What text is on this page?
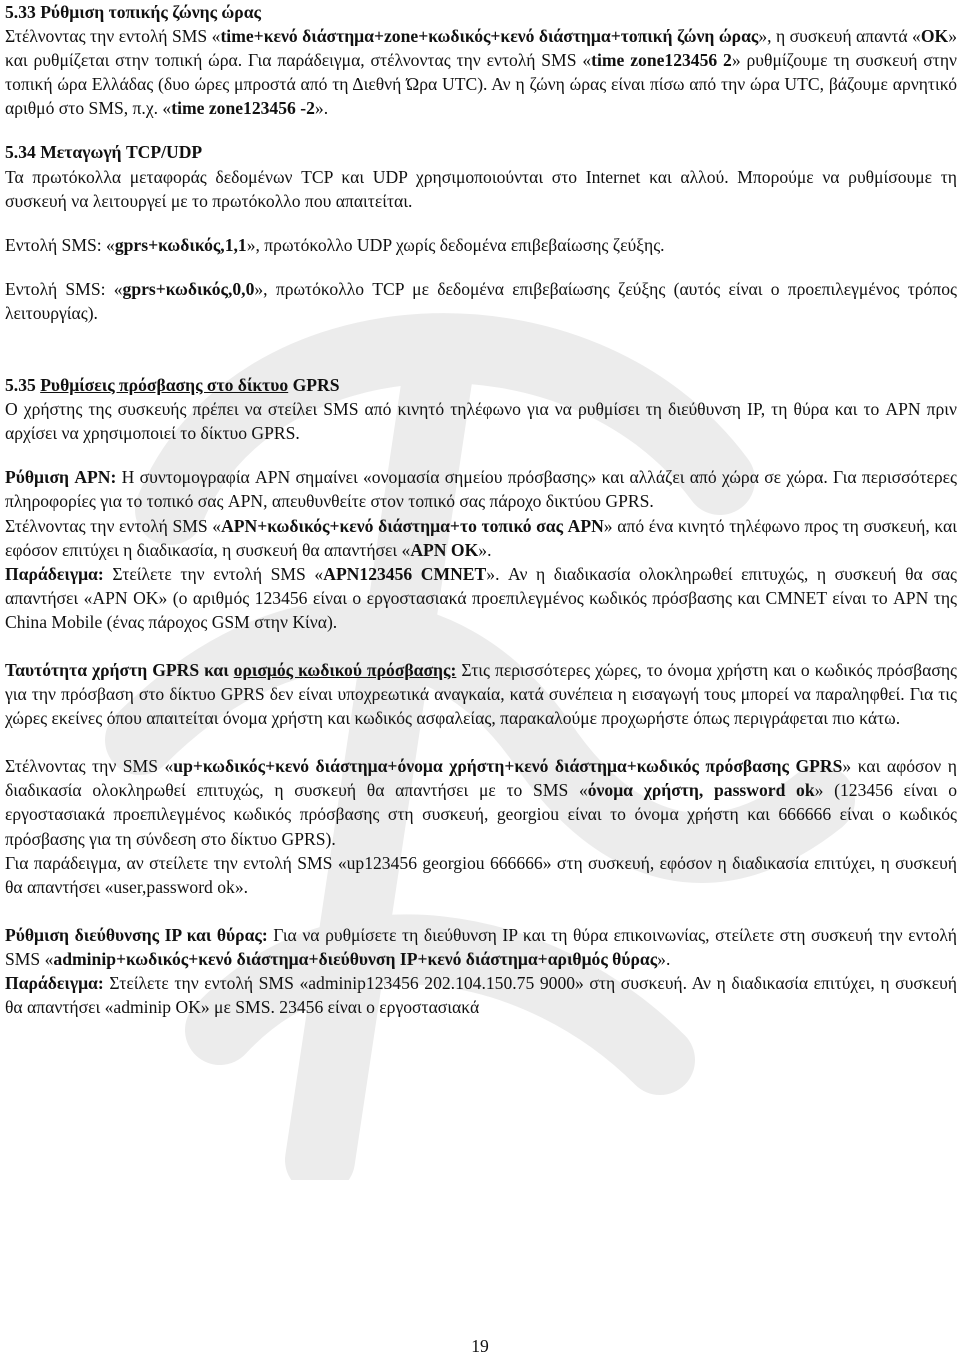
5.33 Ρύθμιση τοπικής ζώνης ώρας

Στέλνοντας την εντολή SMS «time+κενό διάστημα+zone+κωδικός+κενό διάστημα+τοπική ζώνη ώρας», η συσκευή απαντά «OK» και ρυθμίζεται στην τοπική ώρα. Για παράδειγμα, στέλνοντας την εντολή SMS «time zone123456 2» ρυθμίζουμε τη συσκευή στην τοπική ώρα Ελλάδας (δυο ώρες μπροστά από τη Διεθνή Ώρα UTC). Αν η ζώνη ώρας είναι πίσω από την ώρα UTC, βάζουμε αρνητικό αριθμό στο SMS, π.χ. «time zone123456 -2».

5.34 Μεταγωγή TCP/UDP

Τα πρωτόκολλα μεταφοράς δεδομένων TCP και UDP χρησιμοποιούνται στο Internet και αλλού. Μπορούμε να ρυθμίσουμε τη συσκευή να λειτουργεί με το πρωτόκολλο που απαιτείται.

Εντολή SMS: «gprs+κωδικός,1,1», πρωτόκολλο UDP χωρίς δεδομένα επιβεβαίωσης ζεύξης.

Εντολή SMS: «gprs+κωδικός,0,0», πρωτόκολλο TCP με δεδομένα επιβεβαίωσης ζεύξης (αυτός είναι ο προεπιλεγμένος τρόπος λειτουργίας).

5.35 Ρυθμίσεις πρόσβασης στο δίκτυο GPRS

Ο χρήστης της συσκευής πρέπει να στείλει SMS από κινητό τηλέφωνο για να ρυθμίσει τη διεύθυνση IP, τη θύρα και το APN πριν αρχίσει να χρησιμοποιεί το δίκτυο GPRS.

Ρύθμιση APN: Η συντομογραφία APN σημαίνει «ονομασία σημείου πρόσβασης» και αλλάζει από χώρα σε χώρα. Για περισσότερες πληροφορίες για το τοπικό σας APN, απευθυνθείτε στον τοπικό σας πάροχο δικτύου GPRS.

Στέλνοντας την εντολή SMS «APN+κωδικός+κενό διάστημα+το τοπικό σας APN» από ένα κινητό τηλέφωνο προς τη συσκευή, και εφόσον επιτύχει η διαδικασία, η συσκευή θα απαντήσει «APN OK».

Παράδειγμα: Στείλετε την εντολή SMS «APN123456 CMNET». Αν η διαδικασία ολοκληρωθεί επιτυχώς, η συσκευή θα σας απαντήσει «APN OK» (ο αριθμός 123456 είναι ο εργοστασιακά προεπιλεγμένος κωδικός πρόσβασης και CMNET είναι το APN της China Mobile (ένας πάροχος GSM στην Κίνα).

Ταυτότητα χρήστη GPRS και ορισμός κωδικού πρόσβασης: Στις περισσότερες χώρες, το όνομα χρήστη και ο κωδικός πρόσβασης για την πρόσβαση στο δίκτυο GPRS δεν είναι υποχρεωτικά αναγκαία, κατά συνέπεια η εισαγωγή τους μπορεί να παραληφθεί. Για τις χώρες εκείνες όπου απαιτείται όνομα χρήστη και κωδικός ασφαλείας, παρακαλούμε προχωρήστε όπως περιγράφεται πιο κάτω.

Στέλνοντας την SMS «up+κωδικός+κενό διάστημα+όνομα χρήστη+κενό διάστημα+κωδικός πρόσβασης GPRS» και αφόσον η διαδικασία ολοκληρωθεί επιτυχώς, η συσκευή θα απαντήσει με το SMS «όνομα χρήστη, password ok» (123456 είναι ο εργοστασιακά προεπιλεγμένος κωδικός πρόσβασης στη συσκευή, georgiou είναι το όνομα χρήστη και 666666 είναι ο κωδικός πρόσβασης για τη σύνδεση στο δίκτυο GPRS).

Για παράδειγμα, αν στείλετε την εντολή SMS «up123456 georgiou 666666» στη συσκευή, εφόσον η διαδικασία επιτύχει, η συσκευή θα απαντήσει «user,password ok».

Ρύθμιση διεύθυνσης IP και θύρας: Για να ρυθμίσετε τη διεύθυνση IP και τη θύρα επικοινωνίας, στείλετε στη συσκευή την εντολή SMS «adminip+κωδικός+κενό διάστημα+διεύθυνση IP+κενό διάστημα+αριθμός θύρας».

Παράδειγμα: Στείλετε την εντολή SMS «adminip123456 202.104.150.75 9000» στη συσκευή. Αν η διαδικασία επιτύχει, η συσκευή θα απαντήσει «adminip OK» με SMS. 23456 είναι ο εργοστασιακά

19
